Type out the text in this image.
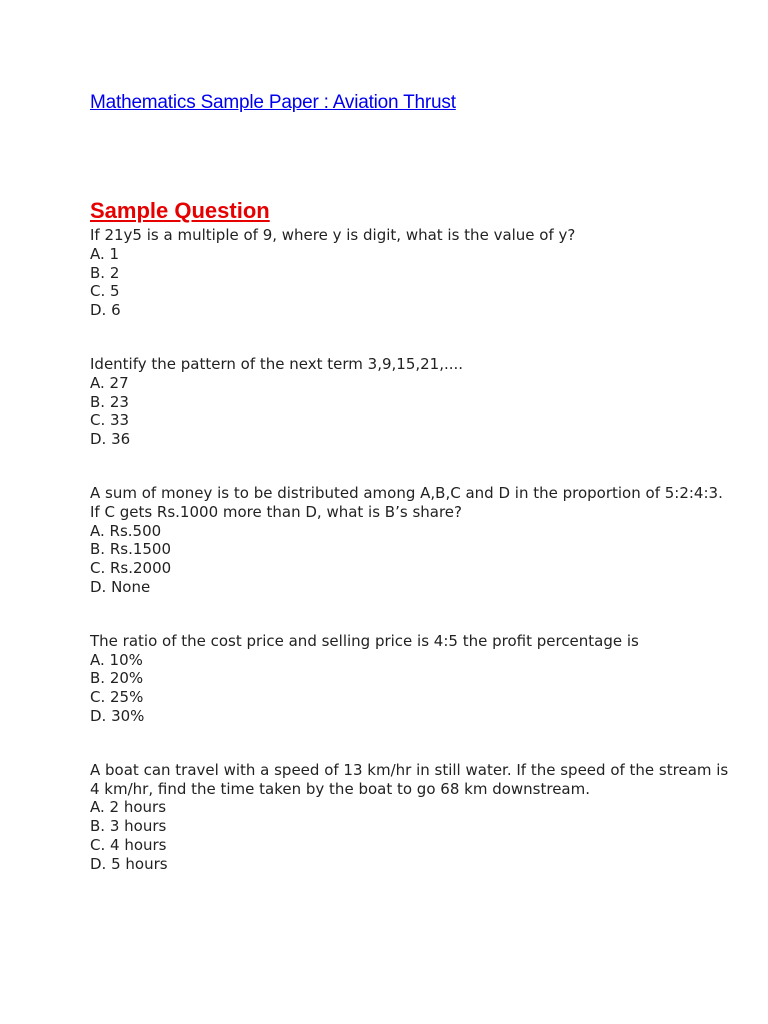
Mathematics Sample Paper : Aviation Thrust
Sample Question
If 21y5 is a multiple of 9, where y is digit, what is the value of y?
A. 1
B. 2
C. 5
D. 6
Identify the pattern of the next term 3,9,15,21,....
A. 27
B. 23
C. 33
D. 36
A sum of money is to be distributed among A,B,C and D in the proportion of 5:2:4:3. If C gets Rs.1000 more than D, what is B’s share?
A. Rs.500
B. Rs.1500
C. Rs.2000
D. None
The ratio of the cost price and selling price is 4:5 the profit percentage is
A. 10%
B. 20%
C. 25%
D. 30%
A boat can travel with a speed of 13 km/hr in still water. If the speed of the stream is 4 km/hr, find the time taken by the boat to go 68 km downstream.
A. 2 hours
B. 3 hours
C. 4 hours
D. 5 hours
